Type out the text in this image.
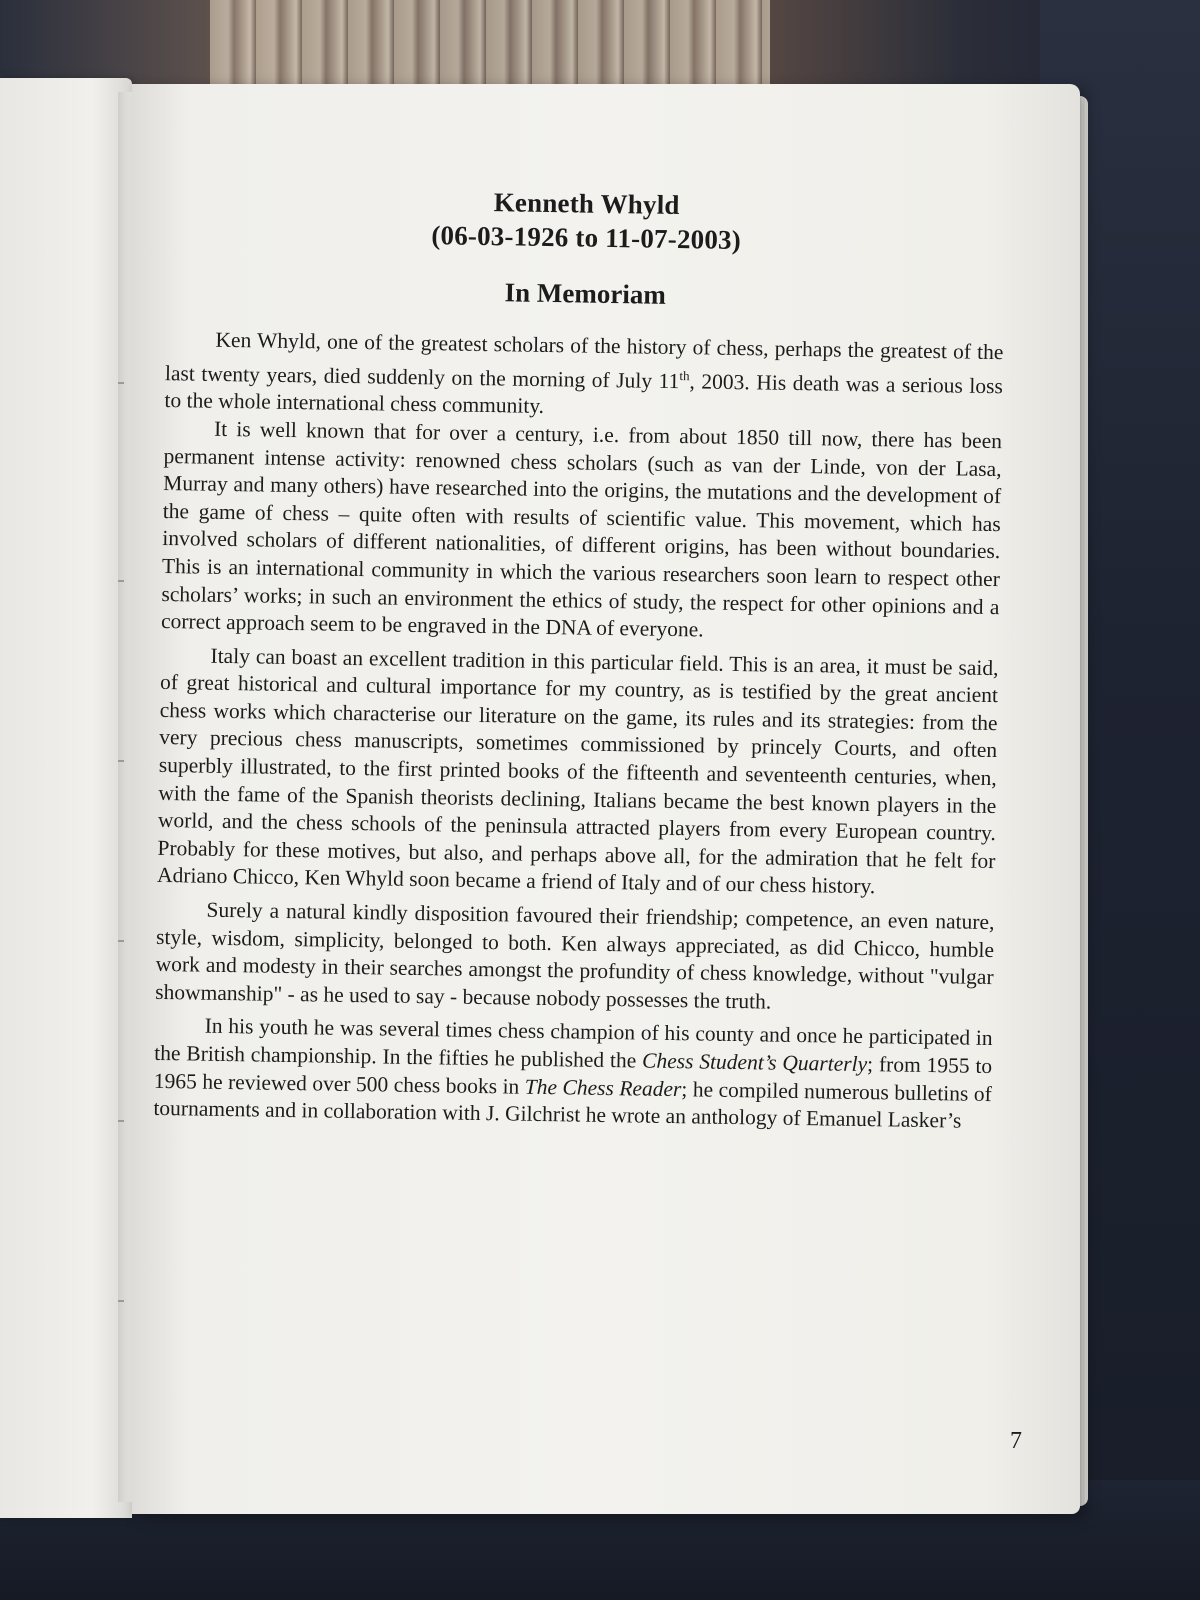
Kenneth Whyld
(06-03-1926 to 11-07-2003)
In Memoriam

Ken Whyld, one of the greatest scholars of the history of chess, perhaps the greatest of the last twenty years, died suddenly on the morning of July 11th, 2003. His death was a serious loss to the whole international chess community.

It is well known that for over a century, i.e. from about 1850 till now, there has been permanent intense activity: renowned chess scholars (such as van der Linde, von der Lasa, Murray and many others) have researched into the origins, the mutations and the development of the game of chess – quite often with results of scientific value. This movement, which has involved scholars of different nationalities, of different origins, has been without boundaries. This is an international community in which the various researchers soon learn to respect other scholars’ works; in such an environment the ethics of study, the respect for other opinions and a correct approach seem to be engraved in the DNA of everyone.

Italy can boast an excellent tradition in this particular field. This is an area, it must be said, of great historical and cultural importance for my country, as is testified by the great ancient chess works which characterise our literature on the game, its rules and its strategies: from the very precious chess manuscripts, sometimes commissioned by princely Courts, and often superbly illustrated, to the first printed books of the fifteenth and seventeenth centuries, when, with the fame of the Spanish theorists declining, Italians became the best known players in the world, and the chess schools of the peninsula attracted players from every European country. Probably for these motives, but also, and perhaps above all, for the admiration that he felt for Adriano Chicco, Ken Whyld soon became a friend of Italy and of our chess history.

Surely a natural kindly disposition favoured their friendship; competence, an even nature, style, wisdom, simplicity, belonged to both. Ken always appreciated, as did Chicco, humble work and modesty in their searches amongst the profundity of chess knowledge, without "vulgar showmanship" - as he used to say - because nobody possesses the truth.

In his youth he was several times chess champion of his county and once he participated in the British championship. In the fifties he published the Chess Student’s Quarterly; from 1955 to 1965 he reviewed over 500 chess books in The Chess Reader; he compiled numerous bulletins of tournaments and in collaboration with J. Gilchrist he wrote an anthology of Emanuel Lasker’s

7
